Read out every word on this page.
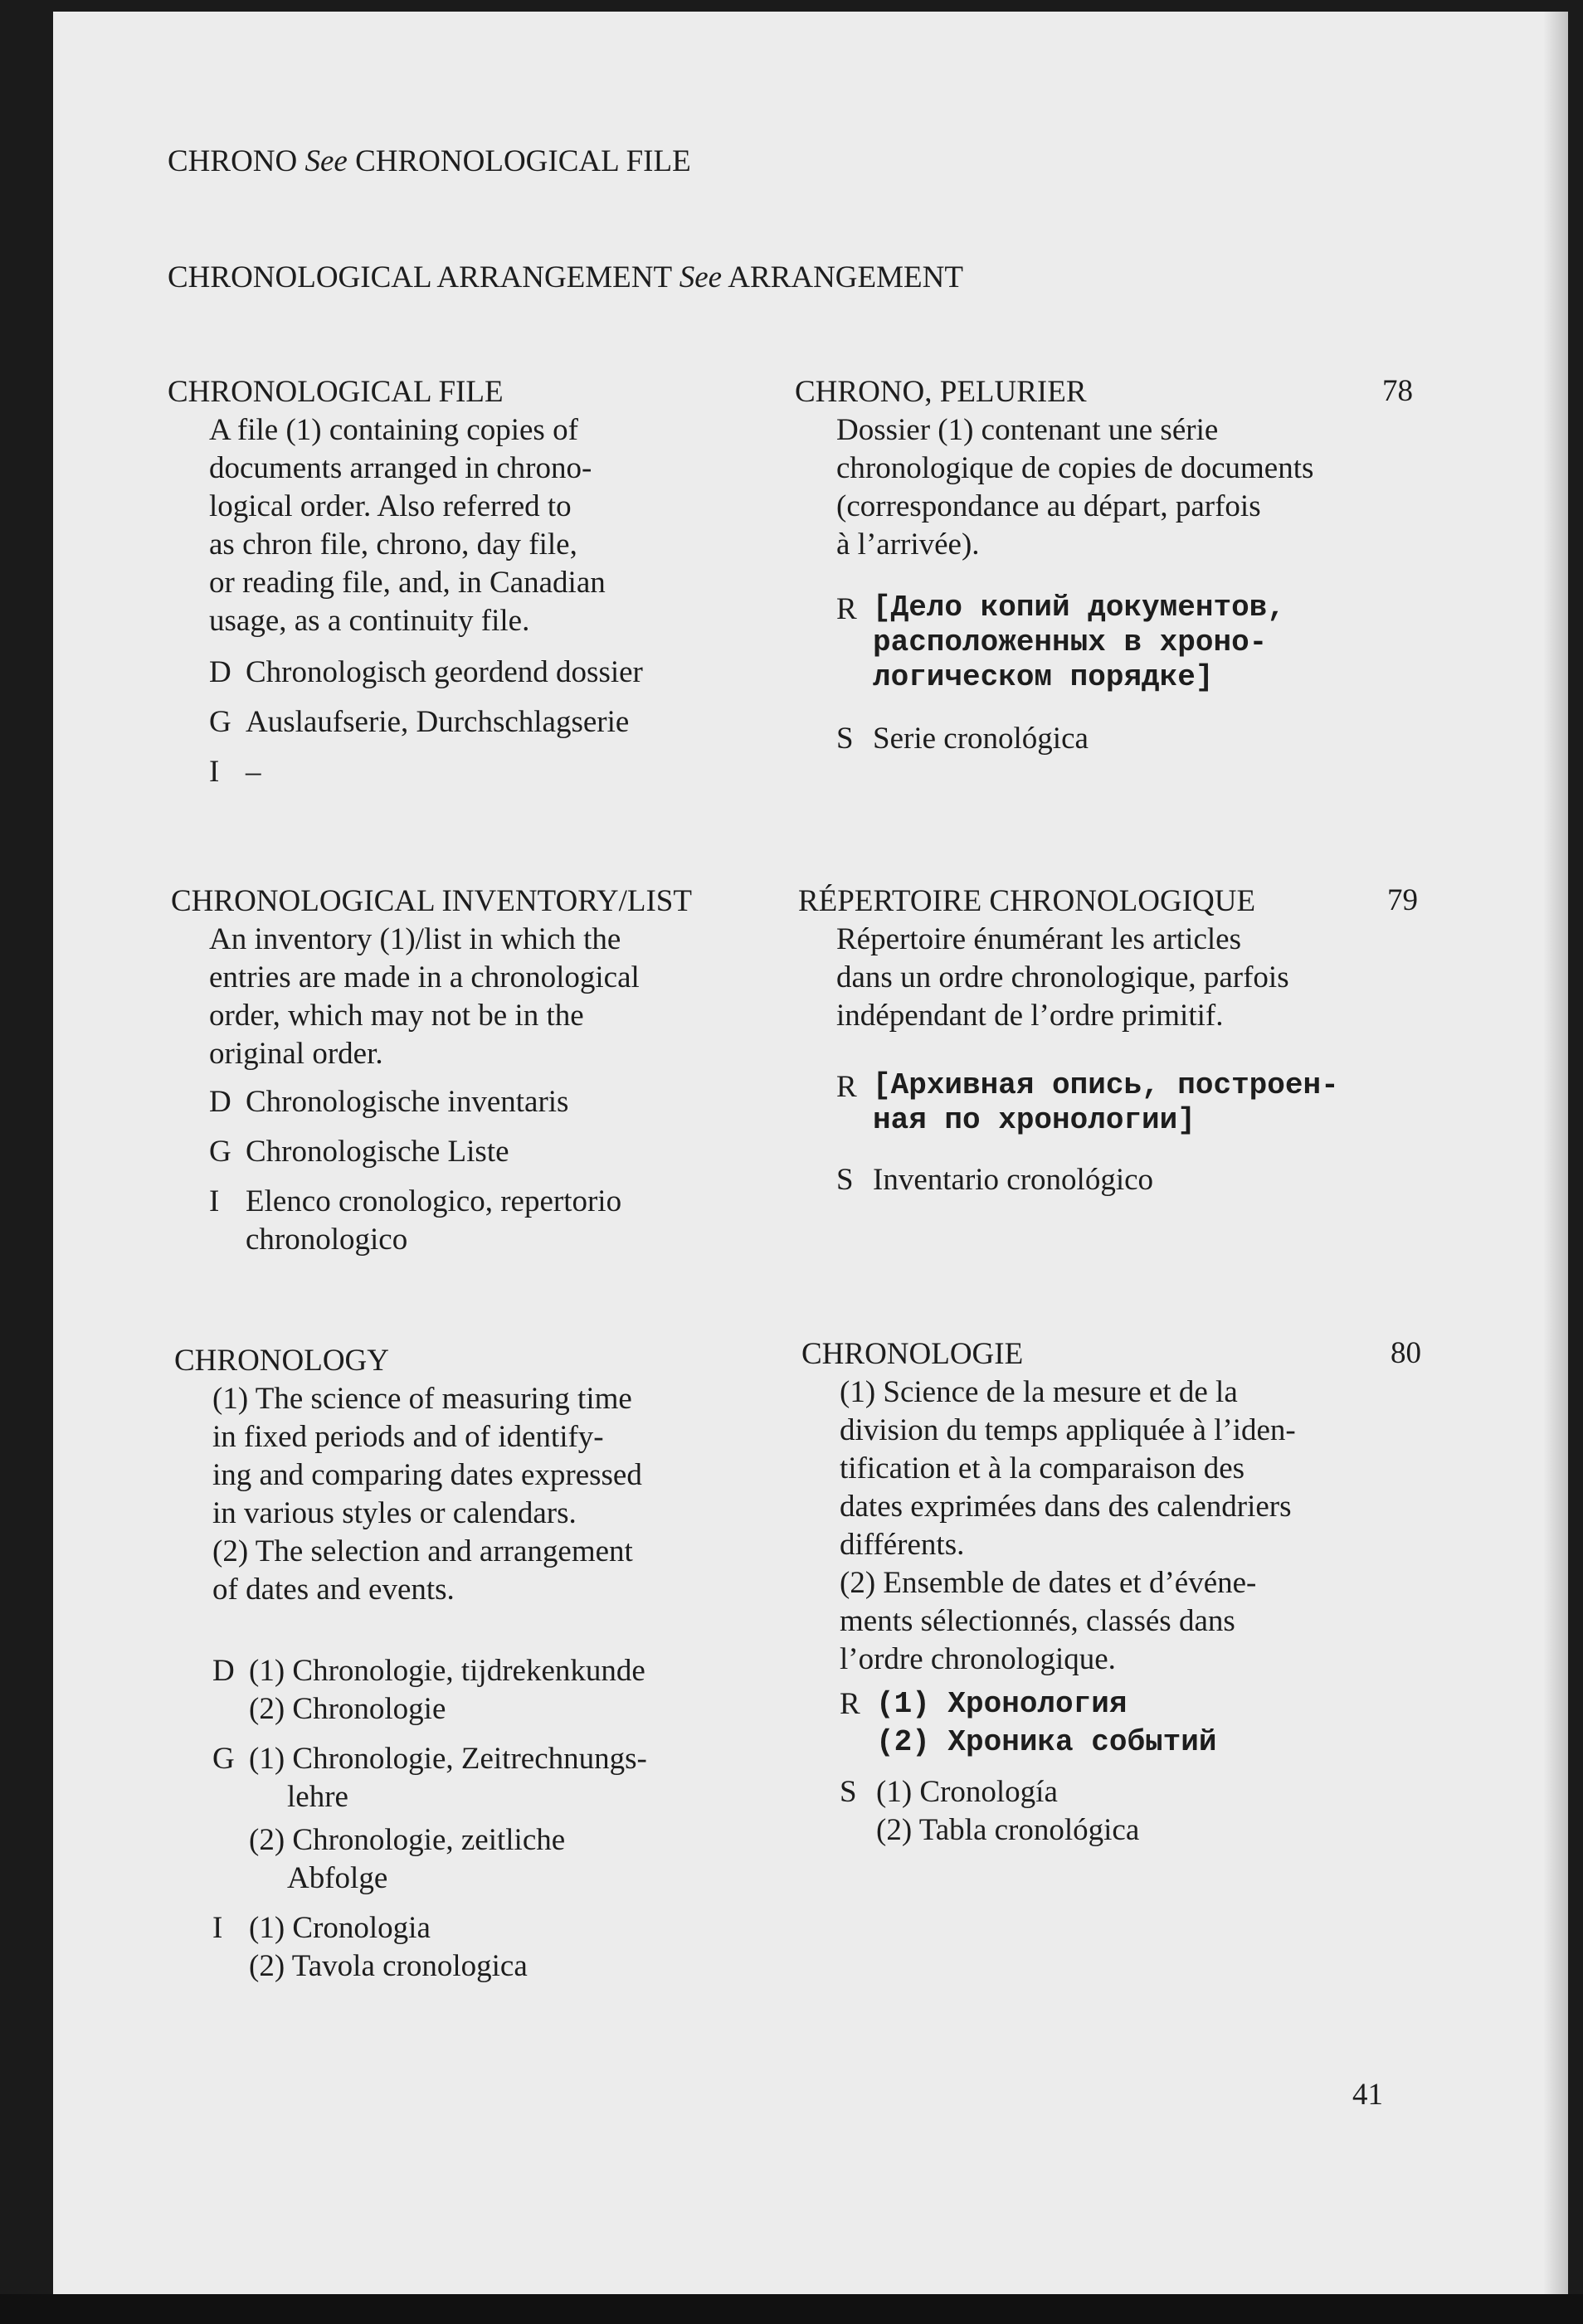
CHRONO See CHRONOLOGICAL FILE
CHRONOLOGICAL ARRANGEMENT See ARRANGEMENT
CHRONOLOGICAL FILE
A file (1) containing copies of
documents arranged in chrono-
logical order. Also referred to
as chron file, chrono, day file,
or reading file, and, in Canadian
usage, as a continuity file.
D Chronologisch geordend dossier
G Auslaufserie, Durchschlagserie
I –
CHRONO, PELURIER
Dossier (1) contenant une série
chronologique de copies de documents
(correspondance au départ, parfois
à l’arrivée).
R [Дело копий документов,
расположенных в хроно-
логическом порядке]
S Serie cronológica
78
CHRONOLOGICAL INVENTORY/LIST
An inventory (1)/list in which the
entries are made in a chronological
order, which may not be in the
original order.
D Chronologische inventaris
G Chronologische Liste
I Elenco cronologico, repertorio
chronologico
RÉPERTOIRE CHRONOLOGIQUE
Répertoire énumérant les articles
dans un ordre chronologique, parfois
indépendant de l’ordre primitif.
R [Архивная опись, построен-
ная по хронологии]
S Inventario cronológico
79
CHRONOLOGY
(1) The science of measuring time
in fixed periods and of identify-
ing and comparing dates expressed
in various styles or calendars.
(2) The selection and arrangement
of dates and events.
D (1) Chronologie, tijdrekenkunde
(2) Chronologie
G (1) Chronologie, Zeitrechnungs-
lehre
(2) Chronologie, zeitliche
Abfolge
I (1) Cronologia
(2) Tavola cronologica
CHRONOLOGIE
(1) Science de la mesure et de la
division du temps appliquée à l’iden-
tification et à la comparaison des
dates exprimées dans des calendriers
différents.
(2) Ensemble de dates et d’événe-
ments sélectionnés, classés dans
l’ordre chronologique.
R (1) Хронология
(2) Хроника событий
S (1) Cronología
(2) Tabla cronológica
80
41
